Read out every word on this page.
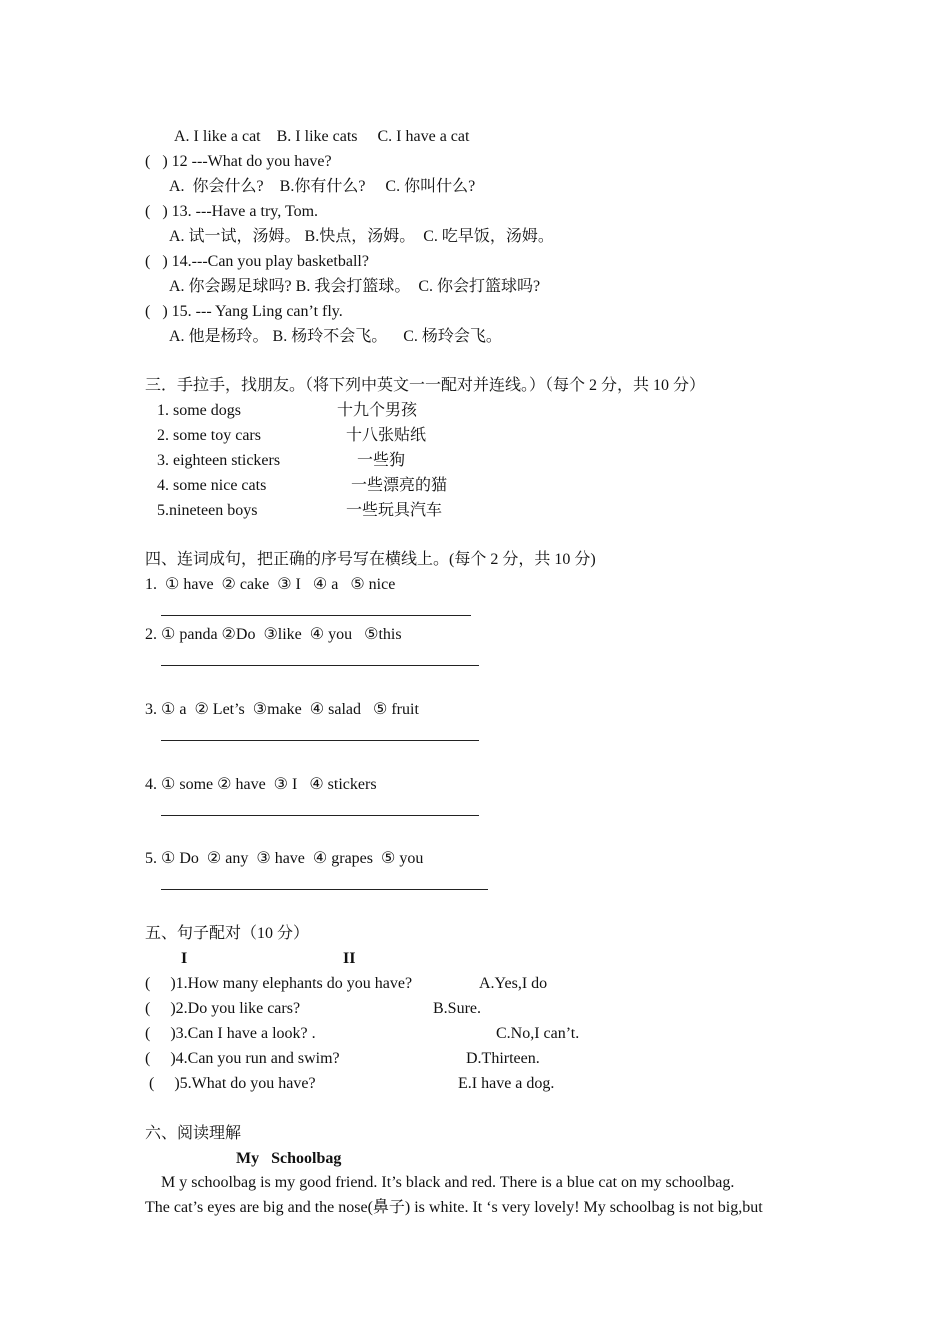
A. I like a cat    B. I like cats     C. I have a cat
(   ) 12 ---What do you have?
A.  你会什么?    B.你有什么?     C. 你叫什么?
(   ) 13. ---Have a try, Tom.
A. 试一试，汤姆。 B.快点，汤姆。  C. 吃早饭，汤姆。
(   ) 14.---Can you play basketball?
A. 你会踢足球吗? B. 我会打篮球。  C. 你会打篮球吗?
(   ) 15. --- Yang Ling can’t fly.
A. 他是杨玲。 B. 杨玲不会飞。    C. 杨玲会飞。
三．手拉手，找朋友。（将下列中英文一一配对并连线。）（每个 2 分，共 10 分）
1. some dogs
2. some toy cars
3. eighteen stickers
4. some nice cats
5.nineteen boys
十九个男孩
十八张贴纸
一些狗
一些漂亮的猫
一些玩具汽车
四、连词成句，把正确的序号写在横线上。(每个 2 分，共 10 分)
1.  ① have  ② cake  ③ I   ④ a   ⑤ nice
2. ① panda ②Do  ③like  ④ you   ⑤this
3. ① a  ② Let’s  ③make  ④ salad   ⑤ fruit
4. ① some ② have  ③ I   ④ stickers
5. ① Do  ② any  ③ have  ④ grapes  ⑤ you
五、句子配对（10 分）
I	II
(     )1.How many elephants do you have?
(     )2.Do you like cars?
(     )3.Can I have a look? .
(     )4.Can you run and swim?
(     )5.What do you have?
A.Yes,I do
B.Sure.
C.No,I can’t.
D.Thirteen.
E.I have a dog.
六、阅读理解
My   Schoolbag
M y schoolbag is my good friend. It’s black and red. There is a blue cat on my schoolbag.
The cat’s eyes are big and the nose(鼻子) is white. It ‘s very lovely! My schoolbag is not big,but
